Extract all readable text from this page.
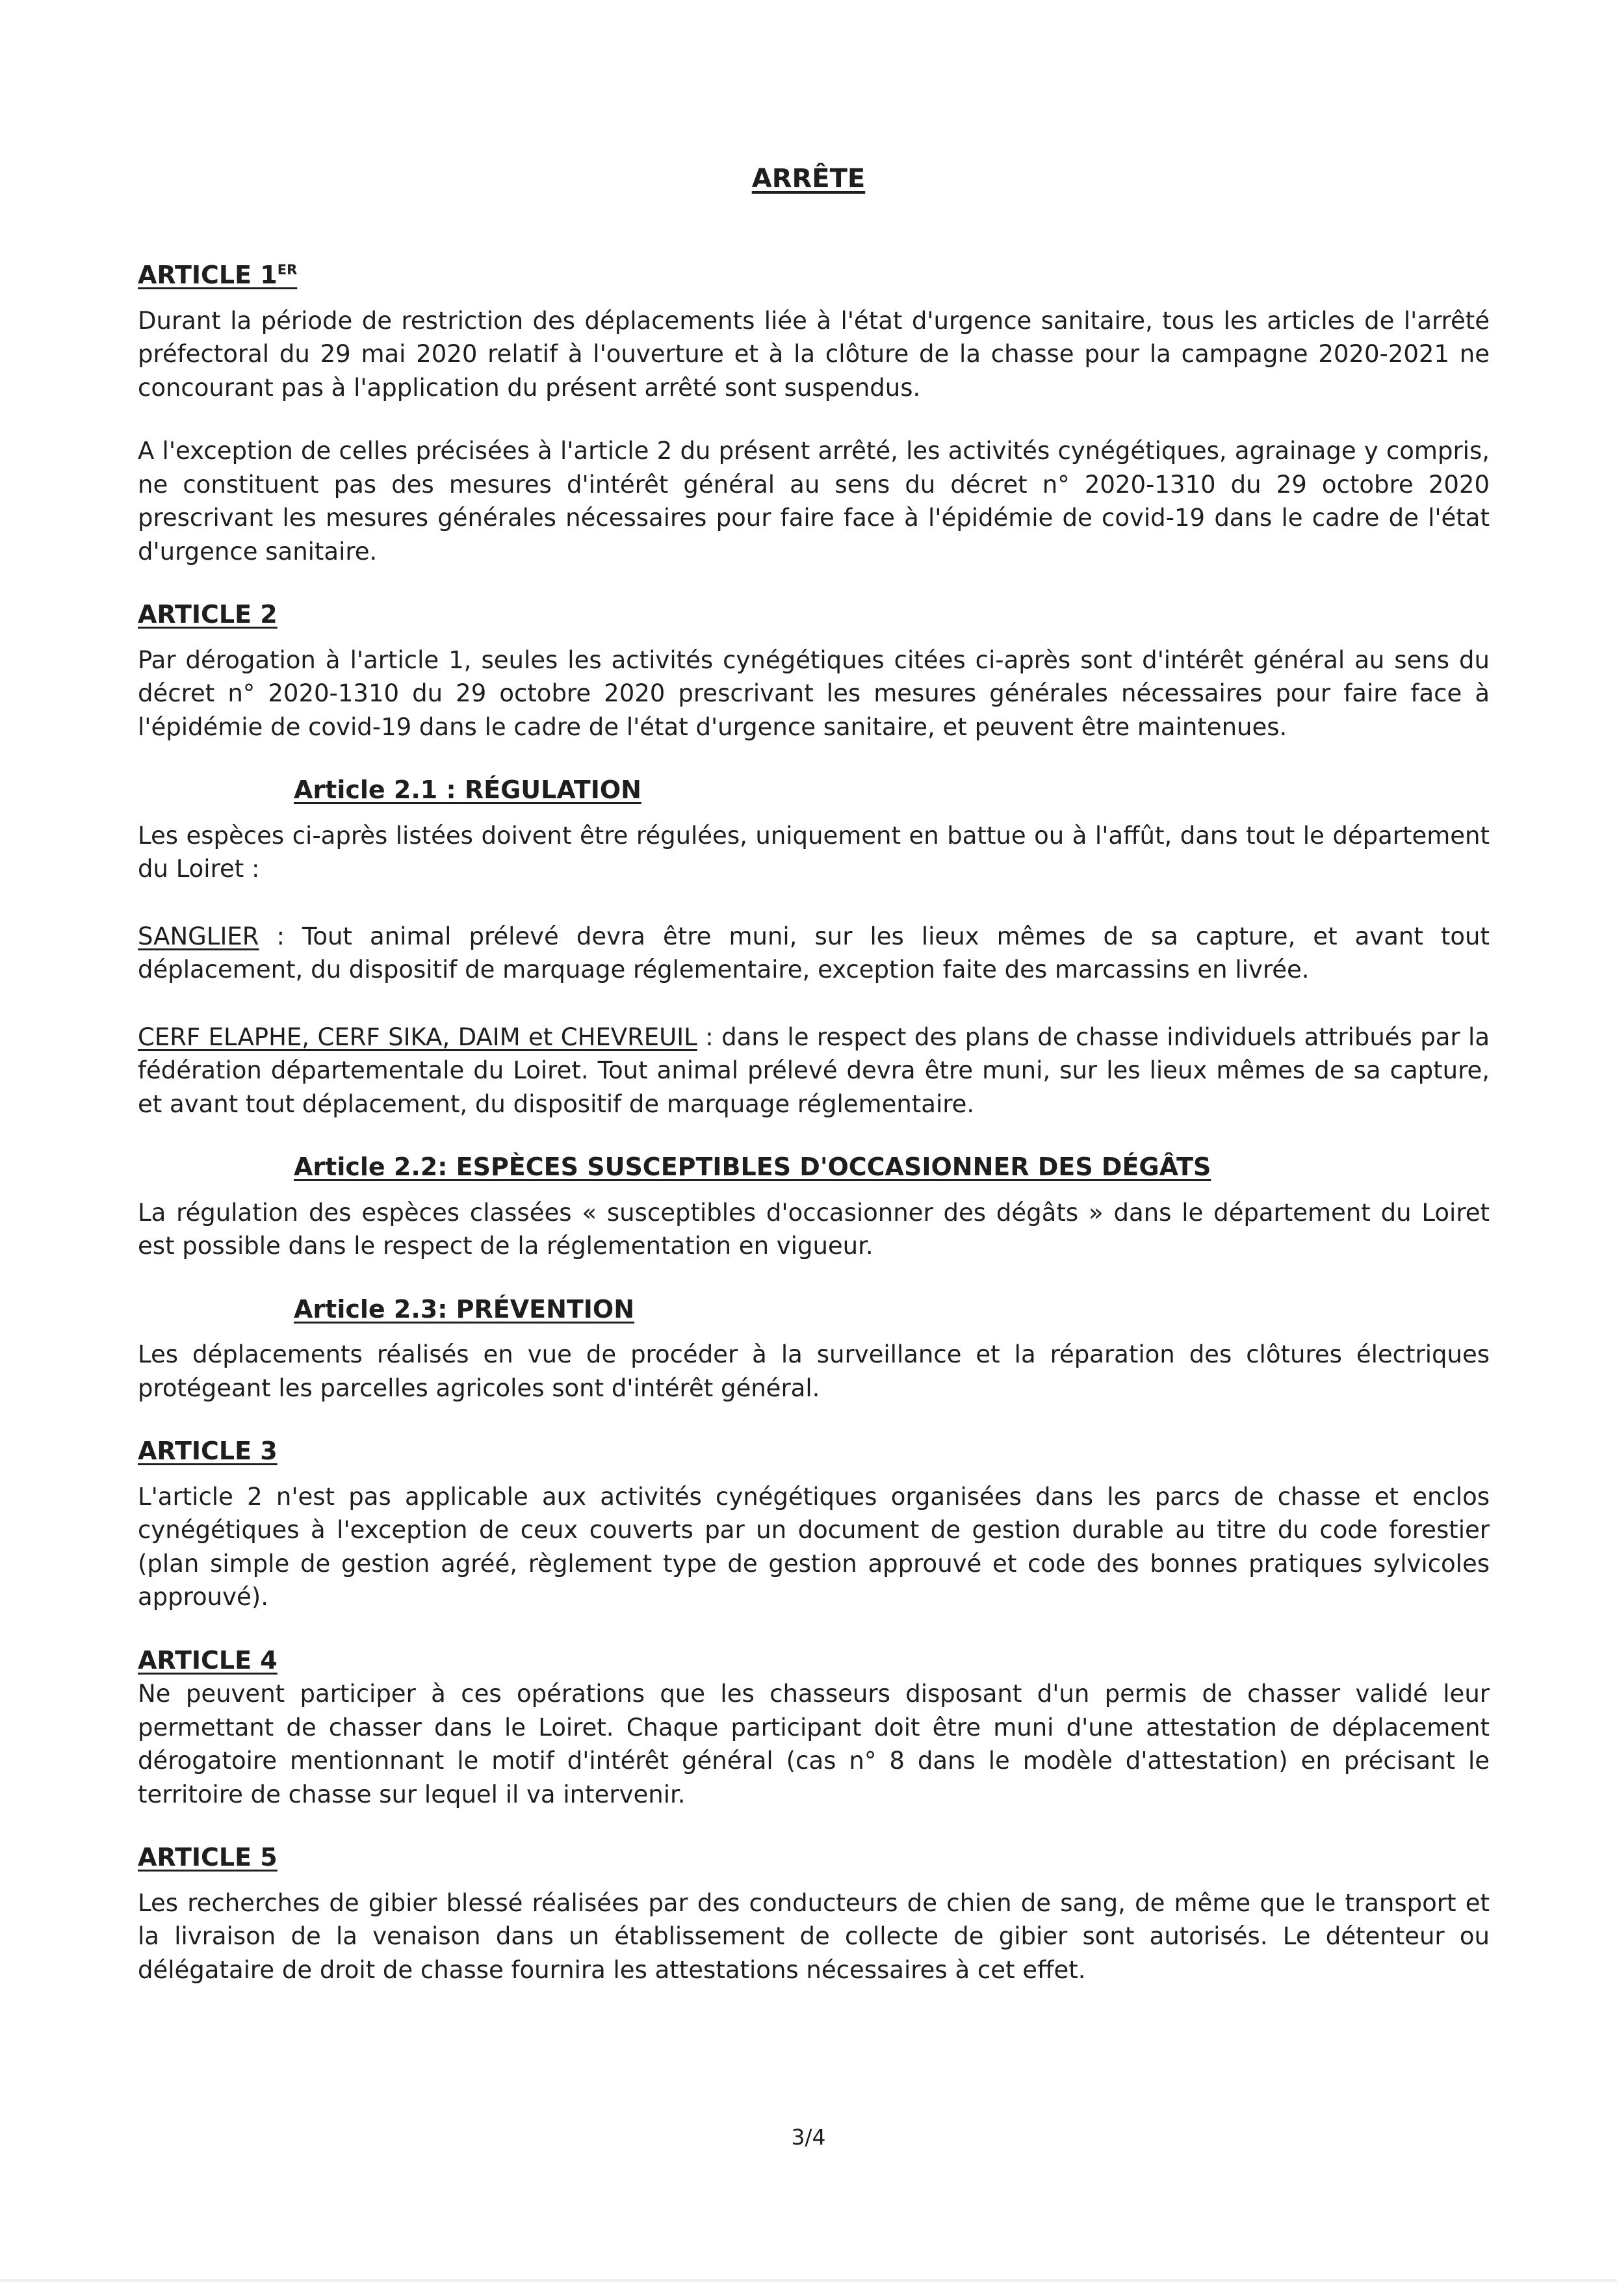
ARRÊTE

ARTICLE 1ER

Durant la période de restriction des déplacements liée à l'état d'urgence sanitaire, tous les articles de l'arrêté préfectoral du 29 mai 2020 relatif à l'ouverture et à la clôture de la chasse pour la campagne 2020-2021 ne concourant pas à l'application du présent arrêté sont suspendus.

A l'exception de celles précisées à l'article 2 du présent arrêté, les activités cynégétiques, agrainage y compris, ne constituent pas des mesures d'intérêt général au sens du décret n° 2020-1310 du 29 octobre 2020 prescrivant les mesures générales nécessaires pour faire face à l'épidémie de covid-19 dans le cadre de l'état d'urgence sanitaire.

ARTICLE 2

Par dérogation à l'article 1, seules les activités cynégétiques citées ci-après sont d'intérêt général au sens du décret n° 2020-1310 du 29 octobre 2020 prescrivant les mesures générales nécessaires pour faire face à l'épidémie de covid-19 dans le cadre de l'état d'urgence sanitaire, et peuvent être maintenues.

Article 2.1 : RÉGULATION

Les espèces ci-après listées doivent être régulées, uniquement en battue ou à l'affût, dans tout le département du Loiret :

SANGLIER : Tout animal prélevé devra être muni, sur les lieux mêmes de sa capture, et avant tout déplacement, du dispositif de marquage réglementaire, exception faite des marcassins en livrée.

CERF ELAPHE, CERF SIKA, DAIM et CHEVREUIL : dans le respect des plans de chasse individuels attribués par la fédération départementale du Loiret. Tout animal prélevé devra être muni, sur les lieux mêmes de sa capture, et avant tout déplacement, du dispositif de marquage réglementaire.

Article 2.2: ESPÈCES SUSCEPTIBLES D'OCCASIONNER DES DÉGÂTS

La régulation des espèces classées « susceptibles d'occasionner des dégâts » dans le département du Loiret est possible dans le respect de la réglementation en vigueur.

Article 2.3: PRÉVENTION

Les déplacements réalisés en vue de procéder à la surveillance et la réparation des clôtures électriques protégeant les parcelles agricoles sont d'intérêt général.

ARTICLE 3

L'article 2 n'est pas applicable aux activités cynégétiques organisées dans les parcs de chasse et enclos cynégétiques à l'exception de ceux couverts par un document de gestion durable au titre du code forestier (plan simple de gestion agréé, règlement type de gestion approuvé et code des bonnes pratiques sylvicoles approuvé).

ARTICLE 4

Ne peuvent participer à ces opérations que les chasseurs disposant d'un permis de chasser validé leur permettant de chasser dans le Loiret. Chaque participant doit être muni d'une attestation de déplacement dérogatoire mentionnant le motif d'intérêt général (cas n° 8 dans le modèle d'attestation) en précisant le territoire de chasse sur lequel il va intervenir.

ARTICLE 5

Les recherches de gibier blessé réalisées par des conducteurs de chien de sang, de même que le transport et la livraison de la venaison dans un établissement de collecte de gibier sont autorisés. Le détenteur ou délégataire de droit de chasse fournira les attestations nécessaires à cet effet.

3/4
